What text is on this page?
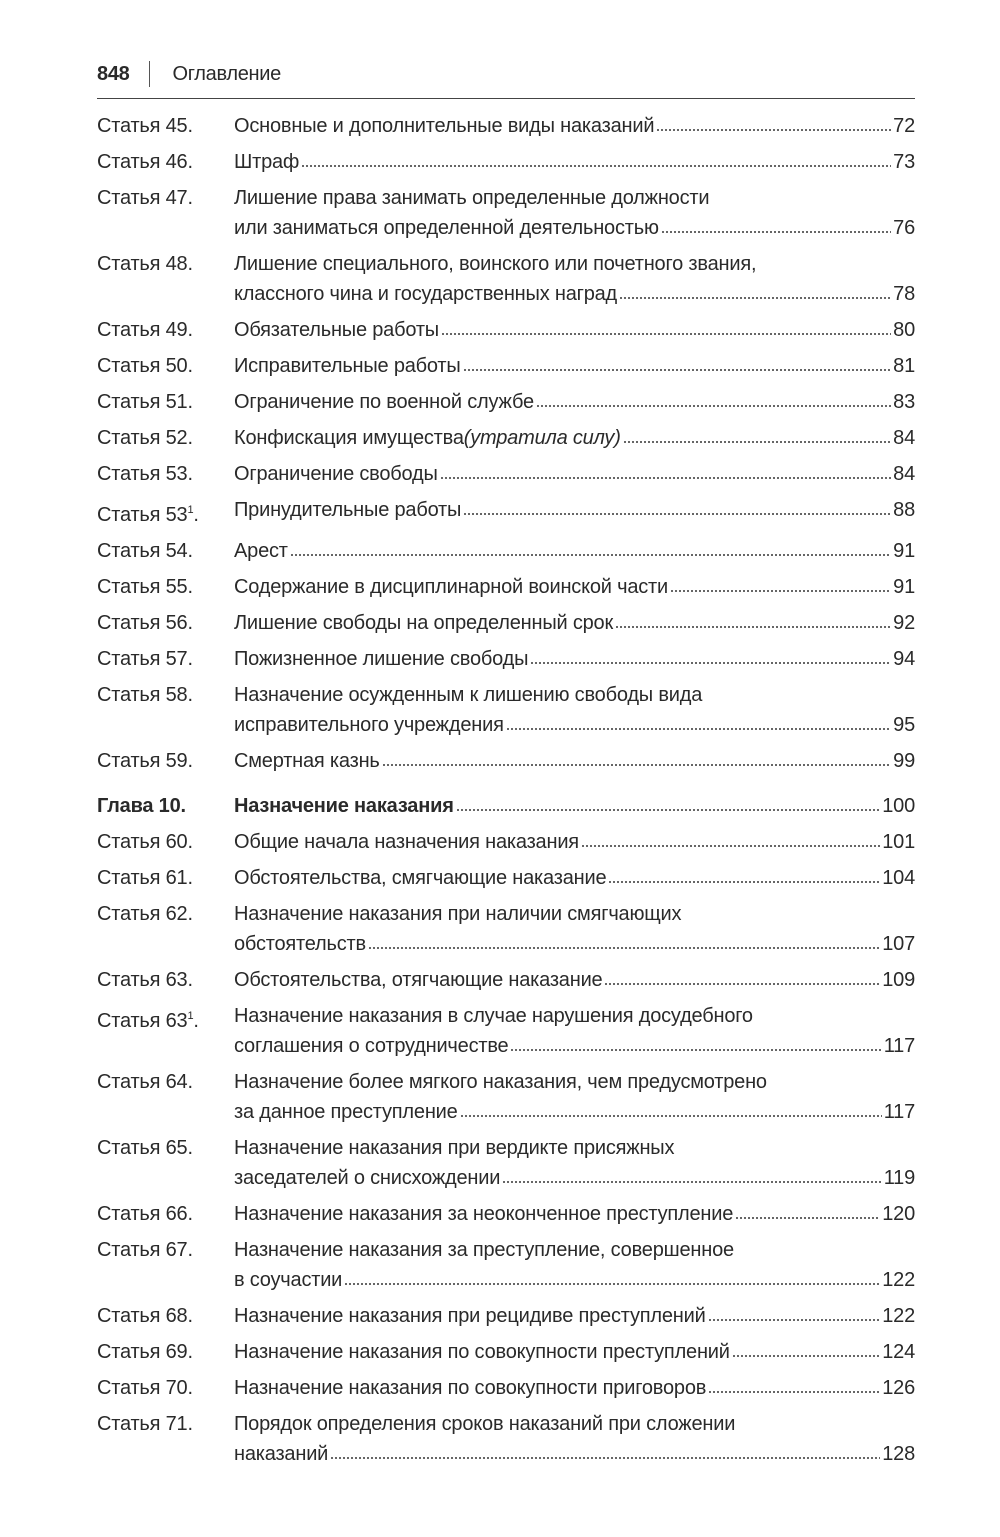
848 Оглавление
Статья 45.	Основные и дополнительные виды наказаний	72
Статья 46.	Штраф	73
Статья 47.	Лишение права занимать определенные должности
или заниматься определенной деятельностью	76
Статья 48.	Лишение специального, воинского или почетного звания,
классного чина и государственных наград	78
Статья 49.	Обязательные работы	80
Статья 50.	Исправительные работы	81
Статья 51.	Ограничение по военной службе	83
Статья 52.	Конфискация имущества (утратила силу)	84
Статья 53.	Ограничение свободы	84
Статья $53^1$.	Принудительные работы	88
Статья 54.	Арест	91
Статья 55.	Содержание в дисциплинарной воинской части	91
Статья 56.	Лишение свободы на определенный срок	92
Статья 57.	Пожизненное лишение свободы	94
Статья 58.	Назначение осужденным к лишению свободы вида
исправительного учреждения	95
Статья 59.	Смертная казнь	99
Глава 10.	Назначение наказания	100
Статья 60.	Общие начала назначения наказания	101
Статья 61.	Обстоятельства, смягчающие наказание	104
Статья 62.	Назначение наказания при наличии смягчающих
обстоятельств	107
Статья 63.	Обстоятельства, отягчающие наказание	109
Статья $63^1$.	Назначение наказания в случае нарушения досудебного
соглашения о сотрудничестве	117
Статья 64.	Назначение более мягкого наказания, чем предусмотрено
за данное преступление	117
Статья 65.	Назначение наказания при вердикте присяжных
заседателей о снисхождении	119
Статья 66.	Назначение наказания за неоконченное преступление	120
Статья 67.	Назначение наказания за преступление, совершенное
в соучастии	122
Статья 68.	Назначение наказания при рецидиве преступлений	122
Статья 69.	Назначение наказания по совокупности преступлений	124
Статья 70.	Назначение наказания по совокупности приговоров	126
Статья 71.	Порядок определения сроков наказаний при сложении
наказаний	128
